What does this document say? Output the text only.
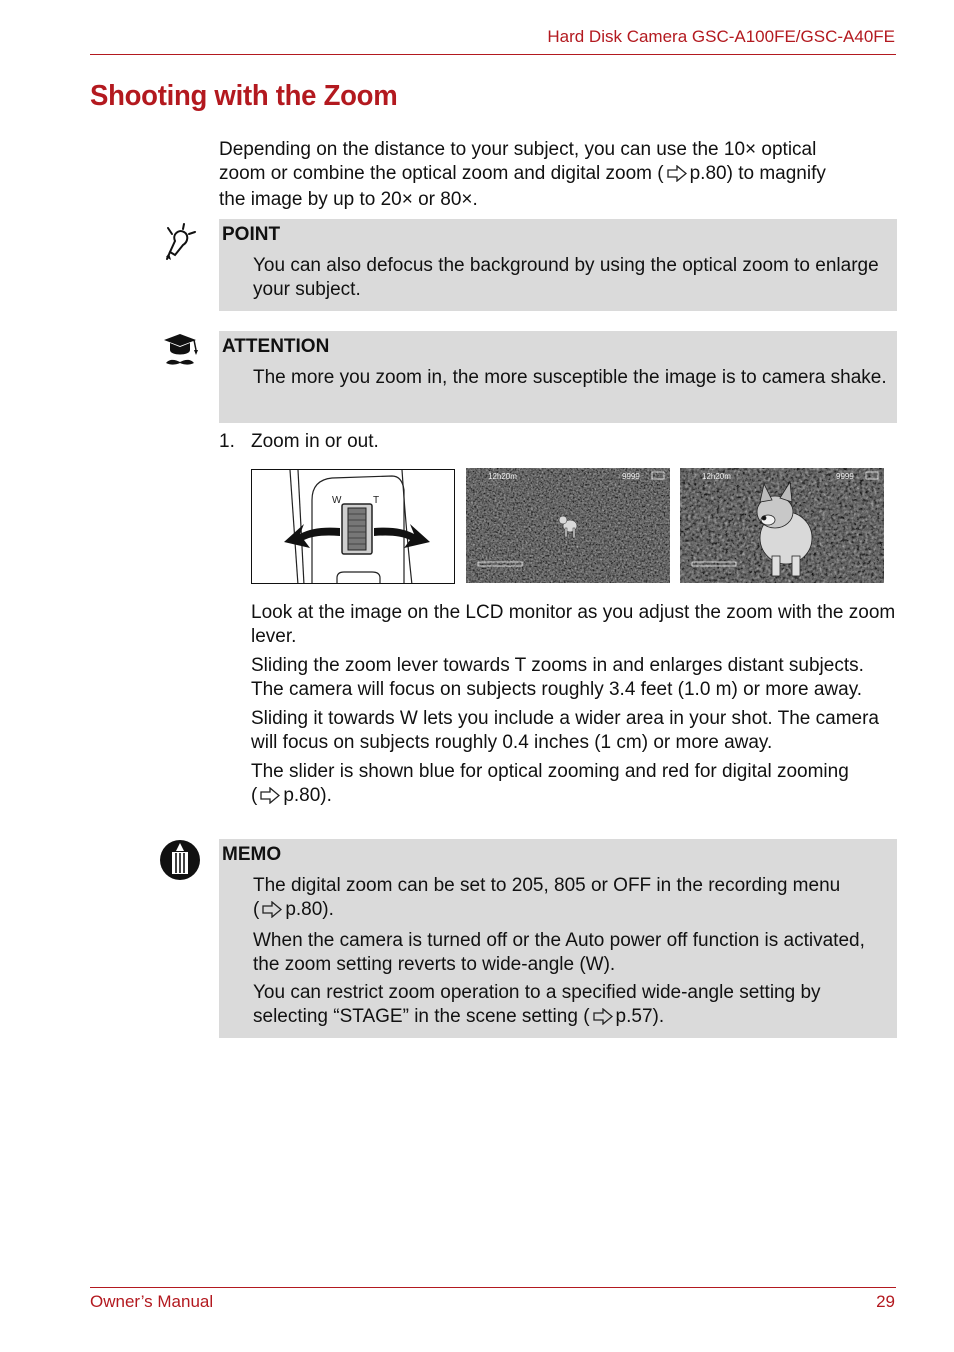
Hard Disk Camera GSC-A100FE/GSC-A40FE
Shooting with the Zoom
Depending on the distance to your subject, you can use the 10× optical
zoom or combine the optical zoom and digital zoom ( p.80) to magnify
the image by up to 20× or 80×.
POINT
You can also defocus the background by using the optical zoom to enlarge your subject.
ATTENTION
The more you zoom in, the more susceptible the image is to camera shake.
1. Zoom in or out.
W	T
12h20m	9999	12h20m	9999

Look at the image on the LCD monitor as you adjust the zoom with the zoom lever.

Sliding the zoom lever towards T zooms in and enlarges distant subjects. The camera will focus on subjects roughly 3.4 feet (1.0 m) or more away.

Sliding it towards W lets you include a wider area in your shot. The camera will focus on subjects roughly 0.4 inches (1 cm) or more away.

The slider is shown blue for optical zooming and red for digital zooming
( p.80).

MEMO

The digital zoom can be set to 205, 805 or OFF in the recording menu
( p.80).

When the camera is turned off or the Auto power off function is activated, the zoom setting reverts to wide-angle (W).

You can restrict zoom operation to a specified wide-angle setting by selecting “STAGE” in the scene setting ( p.57).

Owner’s Manual	29
